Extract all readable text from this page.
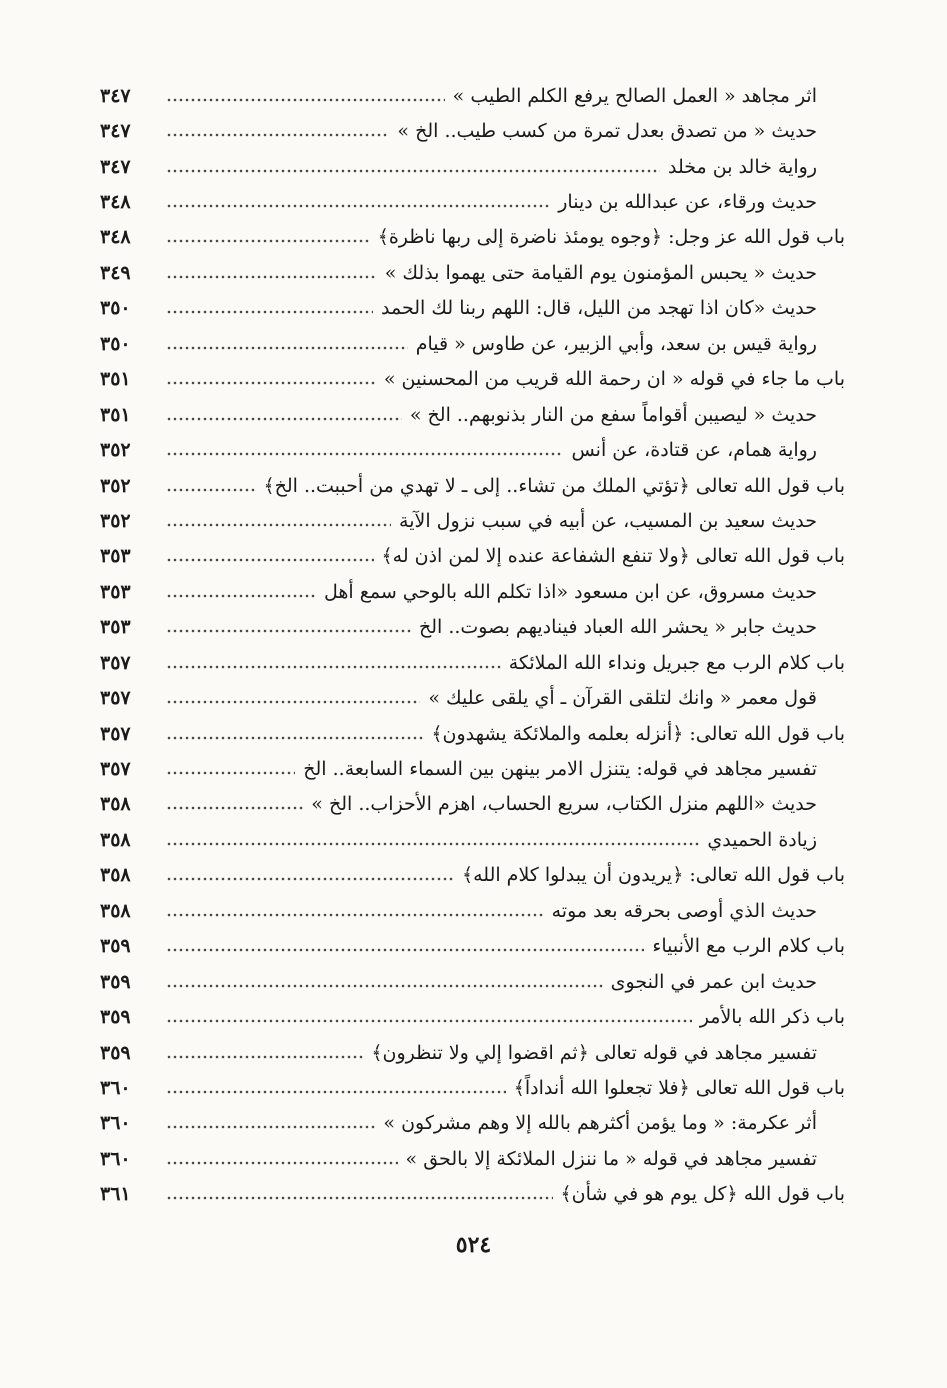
اثر مجاهد « العمل الصالح يرفع الكلم الطيب »
٣٤٧
حديث « من تصدق بعدل تمرة من كسب طيب.. الخ »
٣٤٧
رواية خالد بن مخلد
٣٤٧
حديث ورقاء، عن عبدالله بن دينار
٣٤٨
باب قول الله عز وجل: ﴿وجوه يومئذ ناضرة إلى ربها ناظرة﴾
٣٤٨
حديث « يحبس المؤمنون يوم القيامة حتى يهموا بذلك »
٣٤٩
حديث «كان اذا تهجد من الليل، قال: اللهم ربنا لك الحمد
٣٥٠
رواية قيس بن سعد، وأبي الزبير، عن طاوس « قيام
٣٥٠
باب ما جاء في قوله « ان رحمة الله قريب من المحسنين »
٣٥١
حديث « ليصيبن أقواماً سفع من النار بذنوبهم.. الخ »
٣٥١
رواية همام، عن قتادة، عن أنس
٣٥٢
باب قول الله تعالى ﴿تؤتي الملك من تشاء.. إلى ـ لا تهدي من أحببت.. الخ﴾
٣٥٢
حديث سعيد بن المسيب، عن أبيه في سبب نزول الآية
٣٥٢
باب قول الله تعالى ﴿ولا تنفع الشفاعة عنده إلا لمن اذن له﴾
٣٥٣
حديث مسروق، عن ابن مسعود «اذا تكلم الله بالوحي سمع أهل
٣٥٣
حديث جابر « يحشر الله العباد فيناديهم بصوت.. الخ
٣٥٣
باب كلام الرب مع جبريل ونداء الله الملائكة
٣٥٧
قول معمر « وانك لتلقى القرآن ـ أي يلقى عليك »
٣٥٧
باب قول الله تعالى: ﴿أنزله بعلمه والملائكة يشهدون﴾
٣٥٧
تفسير مجاهد في قوله: يتنزل الامر بينهن بين السماء السابعة.. الخ
٣٥٧
حديث «اللهم منزل الكتاب، سريع الحساب، اهزم الأحزاب.. الخ »
٣٥٨
زيادة الحميدي
٣٥٨
باب قول الله تعالى: ﴿يريدون أن يبدلوا كلام الله﴾
٣٥٨
حديث الذي أوصى بحرقه بعد موته
٣٥٨
باب كلام الرب مع الأنبياء
٣٥٩
حديث ابن عمر في النجوى
٣٥٩
باب ذكر الله بالأمر
٣٥٩
تفسير مجاهد في قوله تعالى ﴿ثم اقضوا إلي ولا تنظرون﴾
٣٥٩
باب قول الله تعالى ﴿فلا تجعلوا الله أنداداً﴾
٣٦٠
أثر عكرمة: « وما يؤمن أكثرهم بالله إلا وهم مشركون »
٣٦٠
تفسير مجاهد في قوله « ما ننزل الملائكة إلا بالحق »
٣٦٠
باب قول الله ﴿كل يوم هو في شأن﴾
٣٦١
٥٢٤
